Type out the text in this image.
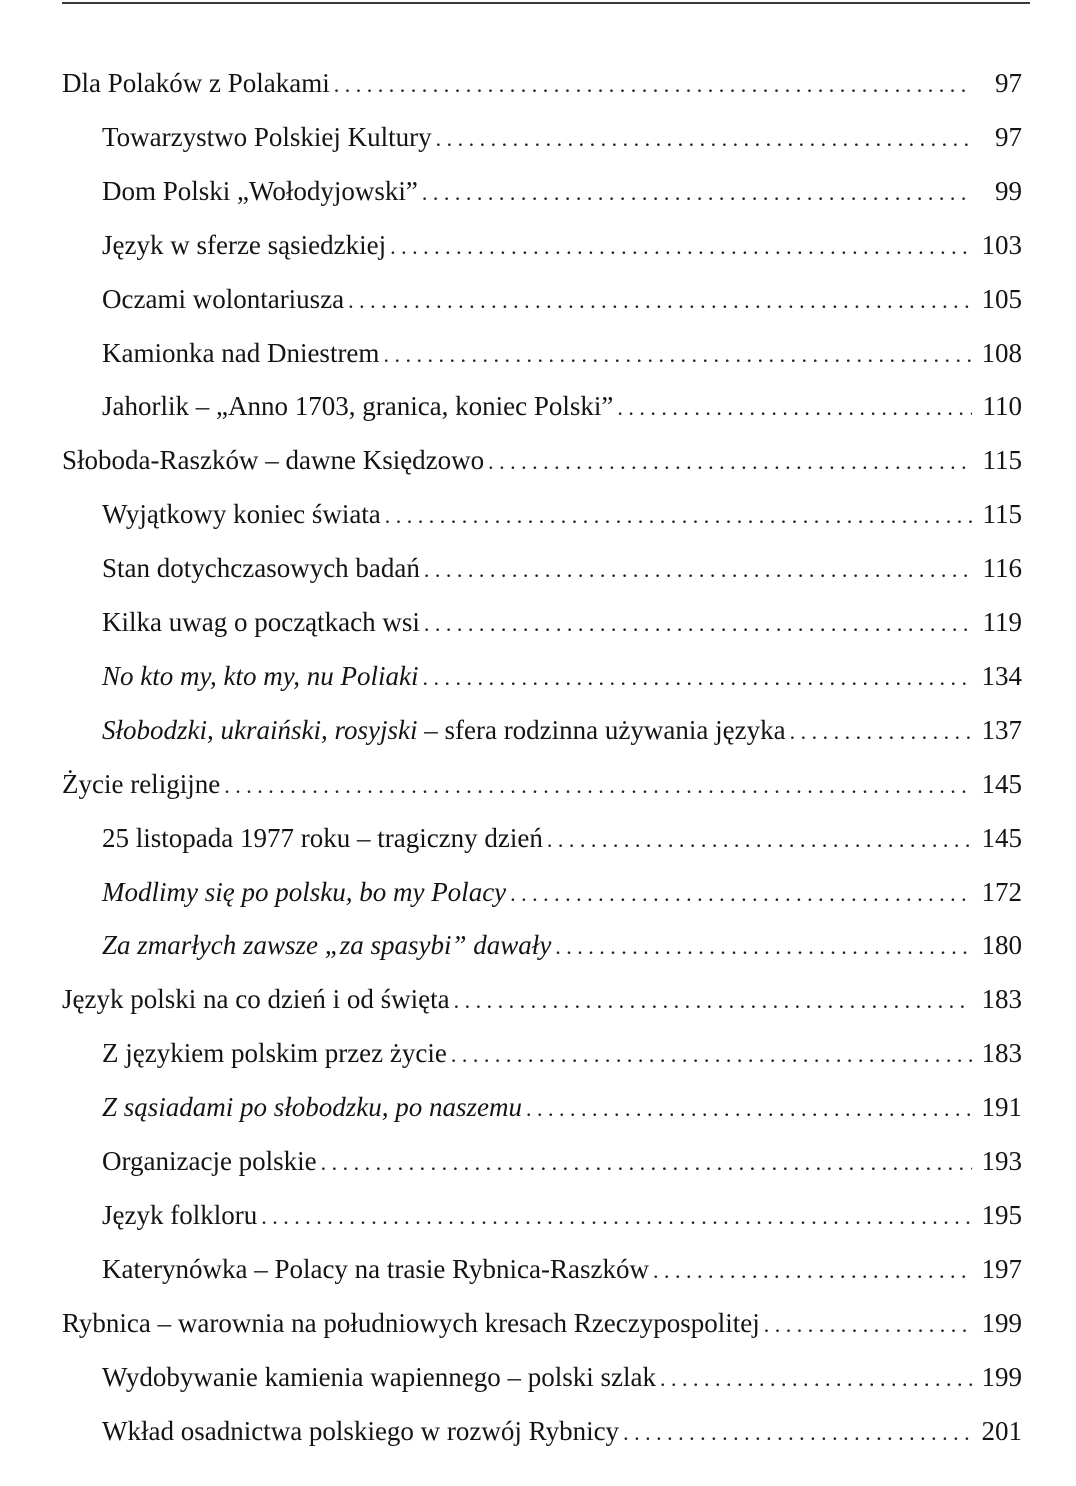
Dla Polaków z Polakami . . .	97
Towarzystwo Polskiej Kultury . . .	97
Dom Polski „Wołodyjowski” . . .	99
Język w sferze sąsiedzkiej . . .	103
Oczami wolontariusza . . .	105
Kamionka nad Dniestrem . . .	108
Jahorlik – „Anno 1703, granica, koniec Polski” . . .	110
Słoboda-Raszków – dawne Księdzowo . . .	115
Wyjątkowy koniec świata . . .	115
Stan dotychczasowych badań . . .	116
Kilka uwag o początkach wsi . . .	119
No kto my, kto my, nu Poliaki . . .	134
Słobodzki, ukraiński, rosyjski – sfera rodzinna używania języka . . .	137
Życie religijne . . .	145
25 listopada 1977 roku – tragiczny dzień . . .	145
Modlimy się po polsku, bo my Polacy . . .	172
Za zmarłych zawsze „za spasybi” dawały . . .	180
Język polski na co dzień i od święta . . .	183
Z językiem polskim przez życie . . .	183
Z sąsiadami po słobodzku, po naszemu . . .	191
Organizacje polskie . . .	193
Język folkloru . . .	195
Katerynówka – Polacy na trasie Rybnica-Raszków . . .	197
Rybnica – warownia na południowych kresach Rzeczypospolitej . . .	199
Wydobywanie kamienia wapiennego – polski szlak . . .	199
Wkład osadnictwa polskiego w rozwój Rybnicy . . .	201
